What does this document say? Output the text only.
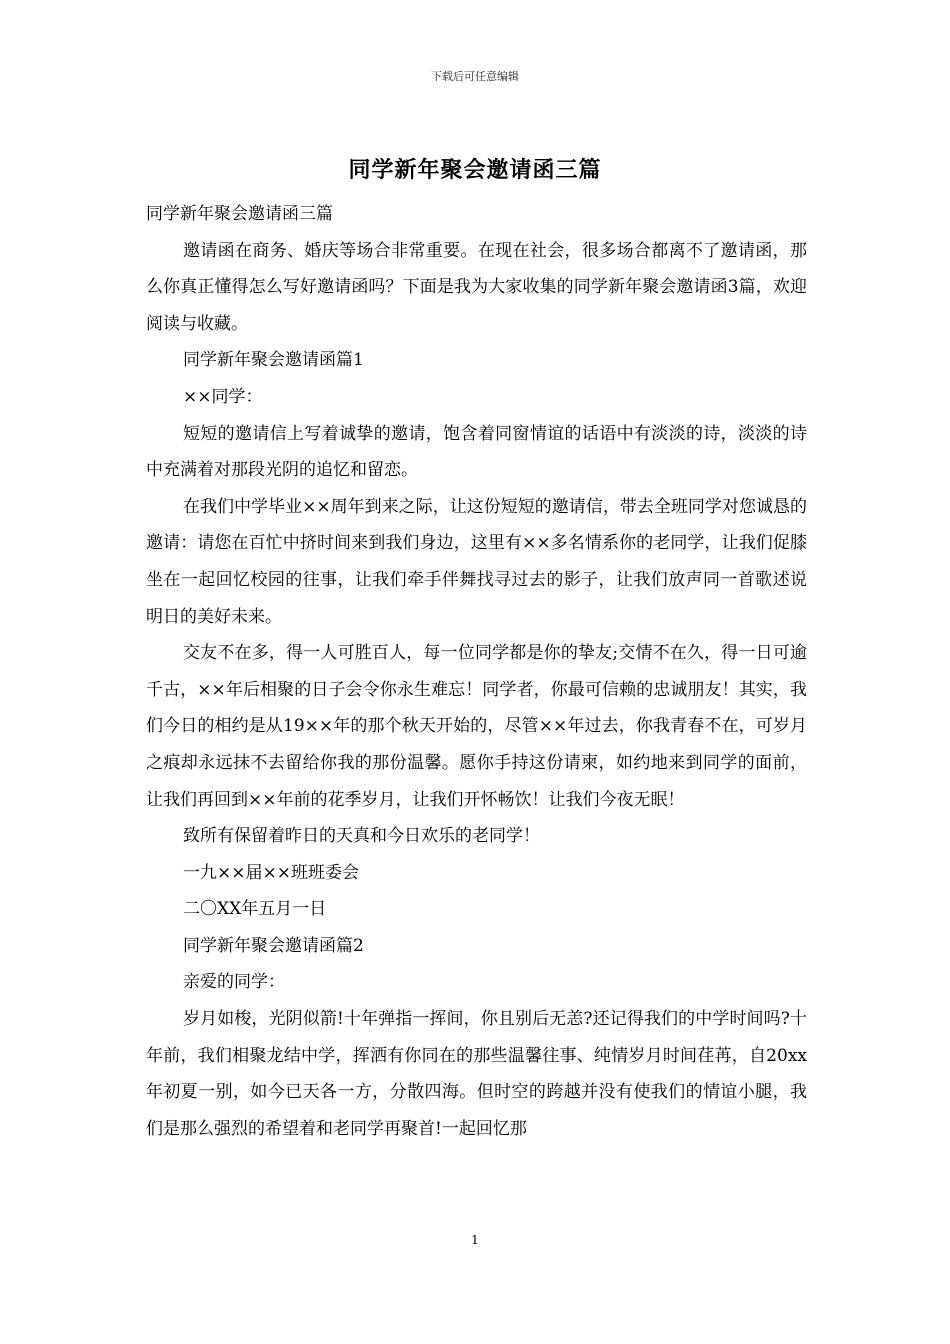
下载后可任意编辑
同学新年聚会邀请函三篇

同学新年聚会邀请函三篇

邀请函在商务、婚庆等场合非常重要。在现在社会，很多场合都离不了邀请函，那么你真正懂得怎么写好邀请函吗？下面是我为大家收集的同学新年聚会邀请函3篇，欢迎阅读与收藏。

同学新年聚会邀请函篇1

××同学：

短短的邀请信上写着诚挚的邀请，饱含着同窗情谊的话语中有淡淡的诗，淡淡的诗中充满着对那段光阴的追忆和留恋。

在我们中学毕业××周年到来之际，让这份短短的邀请信，带去全班同学对您诚恳的邀请：请您在百忙中挤时间来到我们身边，这里有××多名情系你的老同学，让我们促膝坐在一起回忆校园的往事，让我们牵手伴舞找寻过去的影子，让我们放声同一首歌述说明日的美好未来。

交友不在多，得一人可胜百人，每一位同学都是你的挚友;交情不在久，得一日可逾千古，××年后相聚的日子会令你永生难忘！同学者，你最可信赖的忠诚朋友！其实，我们今日的相约是从19××年的那个秋天开始的，尽管××年过去，你我青春不在，可岁月之痕却永远抹不去留给你我的那份温馨。愿你手持这份请柬，如约地来到同学的面前，让我们再回到××年前的花季岁月，让我们开怀畅饮！让我们今夜无眠！

致所有保留着昨日的天真和今日欢乐的老同学！

一九××届××班班委会

二〇XX年五月一日

同学新年聚会邀请函篇2

亲爱的同学：

岁月如梭，光阴似箭!十年弹指一挥间，你且别后无恙?还记得我们的中学时间吗?十年前，我们相聚龙结中学，挥洒有你同在的那些温馨往事、纯情岁月时间荏苒，自20xx年初夏一别，如今已天各一方，分散四海。但时空的跨越并没有使我们的情谊小腿，我们是那么强烈的希望着和老同学再聚首!一起回忆那

1
